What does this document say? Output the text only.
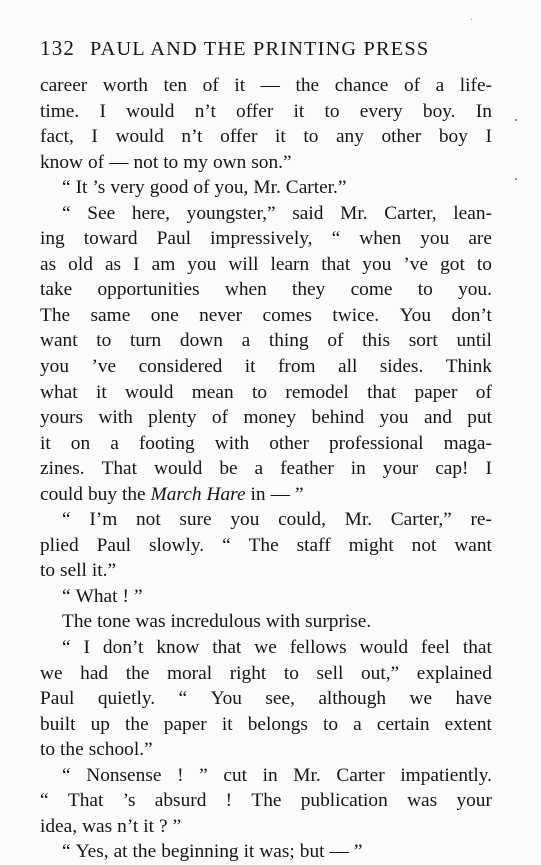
132 PAUL AND THE PRINTING PRESS
career worth ten of it — the chance of a life-
time. I would n’t offer it to every boy. In
fact, I would n’t offer it to any other boy I
know of — not to my own son.”
“ It ’s very good of you, Mr. Carter.”
“ See here, youngster,” said Mr. Carter, lean-
ing toward Paul impressively, “ when you are
as old as I am you will learn that you ’ve got to
take opportunities when they come to you.
The same one never comes twice. You don’t
want to turn down a thing of this sort until
you ’ve considered it from all sides. Think
what it would mean to remodel that paper of
yours with plenty of money behind you and put
it on a footing with other professional maga-
zines. That would be a feather in your cap! I
could buy the March Hare in — ”
“ I’m not sure you could, Mr. Carter,” re-
plied Paul slowly. “ The staff might not want
to sell it.”
“ What ! ”
The tone was incredulous with surprise.
“ I don’t know that we fellows would feel that
we had the moral right to sell out,” explained
Paul quietly. “ You see, although we have
built up the paper it belongs to a certain extent
to the school.”
“ Nonsense ! ” cut in Mr. Carter impatiently.
“ That ’s absurd ! The publication was your
idea, was n’t it ? ”
“ Yes, at the beginning it was; but — ”
